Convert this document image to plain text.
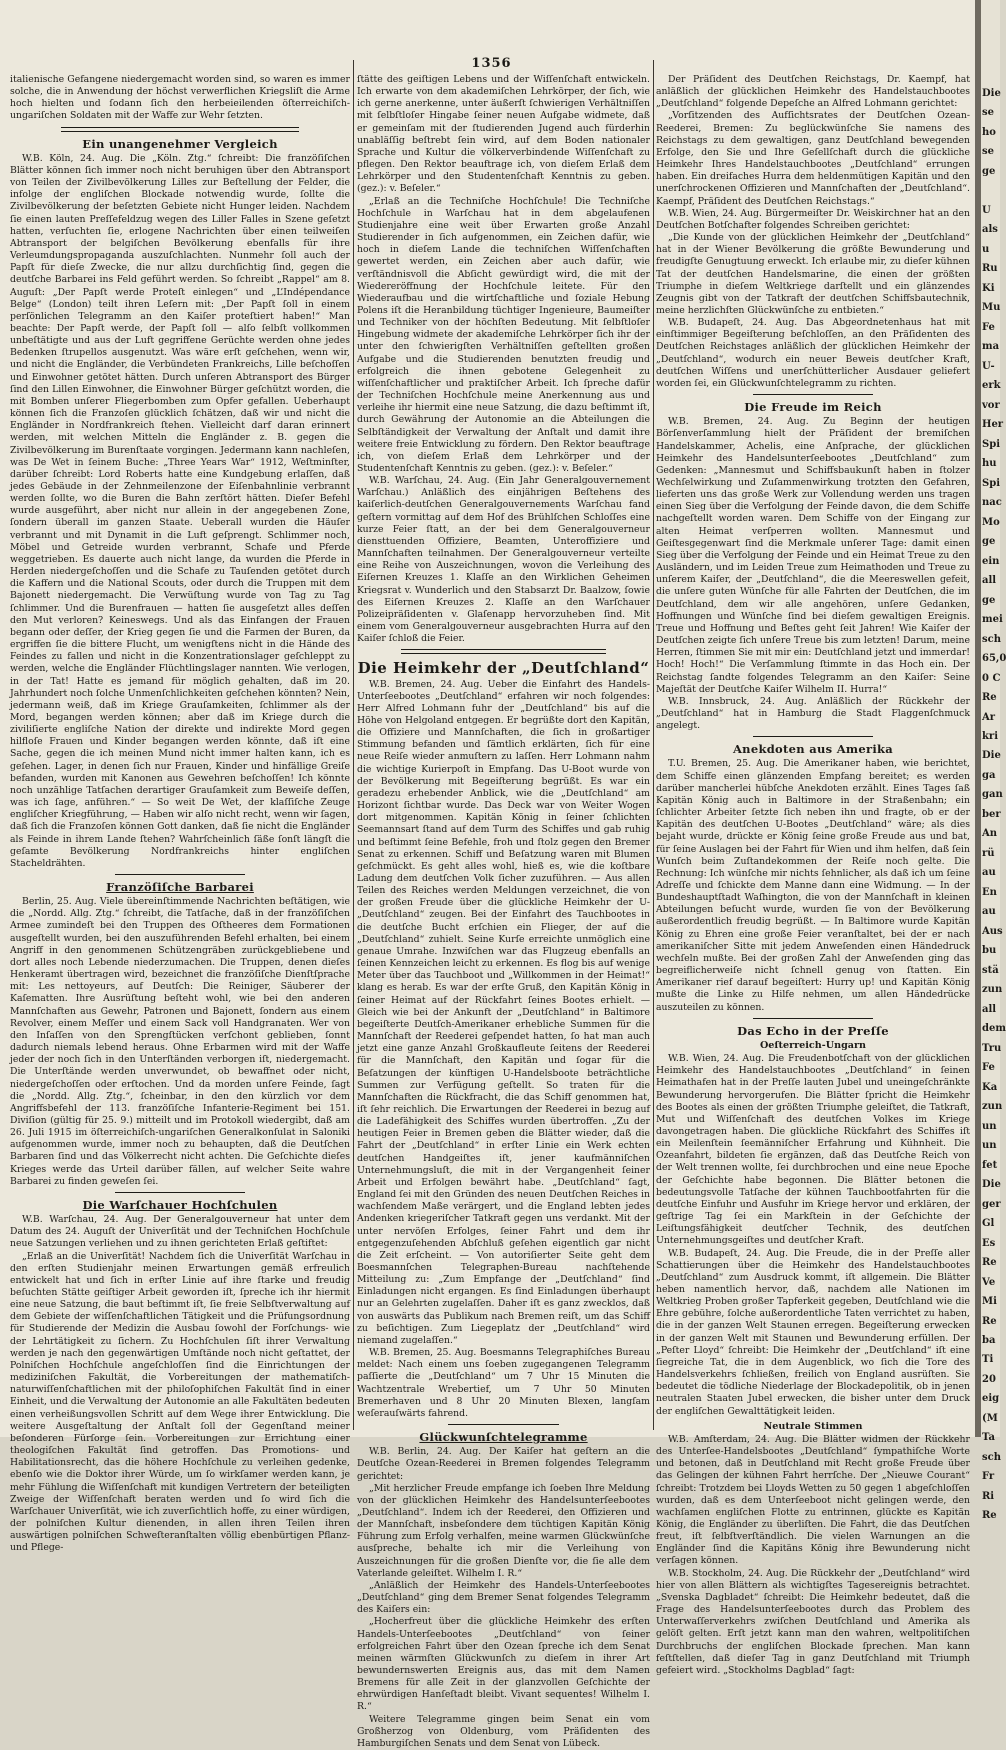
1356

italienische Gefangene niedergemacht worden sind, so waren es immer solche, die in Anwendung der höchst verwerflichen Kriegsliſt die Arme hoch hielten und ſodann ſich den herbeieilenden öſterreichiſch-ungariſchen Soldaten mit der Waffe zur Wehr ſetzten.

Ein unangenehmer Vergleich

W.B. Köln, 24. Aug. Die „Köln. Ztg.“ ſchreibt: Die franzöſiſchen Blätter können ſich immer noch nicht beruhigen über den Abtransport von Teilen der Zivilbevölkerung Lilles zur Beſtellung der Felder, die infolge der engliſchen Blockade notwendig wurde, ſollte die Zivilbevölkerung der beſetzten Gebiete nicht Hunger leiden. Nachdem ſie einen lauten Preſſefeldzug wegen des Liller Falles in Szene geſetzt hatten, verſuchten ſie, erlogene Nachrichten über einen teilweiſen Abtransport der belgiſchen Bevölkerung ebenfalls für ihre Verleumdungspropaganda auszuſchlachten. Nunmehr ſoll auch der Papſt für dieſe Zwecke, die nur allzu durchſichtig ſind, gegen die deutſche Barbarei ins Feld geführt werden. So ſchreibt „Rappel“ am 8. Auguſt: „Der Papſt werde Proteſt einlegen“ und „L’Indépendance Belge“ (London) teilt ihren Leſern mit: „Der Papſt ſoll in einem perſönlichen Telegramm an den Kaiſer proteſtiert haben!“ Man beachte: Der Papſt werde, der Papſt ſoll — alſo ſelbſt vollkommen unbeſtätigte und aus der Luft gegriffene Gerüchte werden ohne jedes Bedenken ſtrupellos ausgenutzt. Was wäre erſt geſchehen, wenn wir, und nicht die Engländer, die Verbündeten Frankreichs, Lille beſchoſſen und Einwohner getötet hätten. Durch unſeren Abtransport des Bürger ſind den Lillen Einwohner, die Einwohner Bürger geſchützt worden, die mit Bomben unſerer Fliegerbomben zum Opfer gefallen. Ueberhaupt können ſich die Franzoſen glücklich ſchätzen, daß wir und nicht die Engländer in Nordfrankreich ſtehen. Vielleicht darf daran erinnert werden, mit welchen Mitteln die Engländer z. B. gegen die Zivilbevölkerung im Burenſtaate vorgingen. Jedermann kann nachleſen, was De Wet in ſeinem Buche: „Three Years War“ 1912, Weſtminſter, darüber ſchreibt: Lord Roberts hatte eine Kundgebung erlaſſen, daß jedes Gebäude in der Zehnmeilenzone der Eiſenbahnlinie verbrannt werden ſollte, wo die Buren die Bahn zerſtört hätten. Dieſer Befehl wurde ausgeführt, aber nicht nur allein in der angegebenen Zone, ſondern überall im ganzen Staate. Ueberall wurden die Häuſer verbrannt und mit Dynamit in die Luft geſprengt. Schlimmer noch, Möbel und Getreide wurden verbrannt, Schafe und Pferde weggetrieben. Es dauerte auch nicht lange, da wurden die Pferde in Herden niedergeſchoſſen und die Schafe zu Tauſenden getötet durch die Kaffern und die National Scouts, oder durch die Truppen mit dem Bajonett niedergemacht. Die Verwüſtung wurde von Tag zu Tag ſchlimmer. Und die Burenfrauen — hatten ſie ausgeſetzt alles deſſen den Mut verloren? Keineswegs. Und als das Einfangen der Frauen begann oder deſſer, der Krieg gegen ſie und die Farmen der Buren, da ergriffen ſie die bittere Flucht, um wenigſtens nicht in die Hände des Feindes zu fallen und nicht in die Konzentrationslager geſchleppt zu werden, welche die Engländer Flüchtlingslager nannten. Wie verlogen, in der Tat! Hatte es jemand für möglich gehalten, daß im 20. Jahrhundert noch ſolche Unmenſchlichkeiten geſchehen könnten? Nein, jedermann weiß, daß im Kriege Grauſamkeiten, ſchlimmer als der Mord, begangen werden können; aber daß im Kriege durch die ziviliſierte engliſche Nation der direkte und indirekte Mord gegen hilfloſe Frauen und Kinder begangen werden könnte, daß iſt eine Sache, gegen die ich meinen Mund nicht immer halten kann, ich es geſehen. Lager, in denen ſich nur Frauen, Kinder und hinfällige Greiſe befanden, wurden mit Kanonen aus Gewehren beſchoſſen! Ich könnte noch unzählige Tatſachen derartiger Grauſamkeit zum Beweiſe deſſen, was ich ſage, anführen.“ — So weit De Wet, der klaſſiſche Zeuge engliſcher Kriegführung, — Haben wir alſo nicht recht, wenn wir ſagen, daß ſich die Franzoſen können Gott danken, daß ſie nicht die Engländer als Feinde in ihrem Lande ſtehen? Wahrſcheinlich ſäße ſonſt längſt die geſamte Bevölkerung Nordfrankreichs hinter engliſchen Stacheldrähten.

Franzöſiſche Barbarei

Berlin, 25. Aug. Viele übereinſtimmende Nachrichten beſtätigen, wie die „Nordd. Allg. Ztg.“ ſchreibt, die Tatſache, daß in der franzöſiſchen Armee zumindeſt bei den Truppen des Oſtheeres dem Formationen ausgeſtellt wurden, bei den auszuführenden Befehl erhalten, bei einem Angriff in den genommenen Schützengräben zurückgebliebene und dort alles noch Lebende niederzumachen. Die Truppen, denen dieſes Henkeramt übertragen wird, bezeichnet die franzöſiſche Dienſtſprache mit: Les nettoyeurs, auf Deutſch: Die Reiniger, Säuberer der Kaſematten. Ihre Ausrüſtung beſteht wohl, wie bei den anderen Mannſchaften aus Gewehr, Patronen und Bajonett, ſondern aus einem Revolver, einem Meſſer und einem Sack voll Handgranaten. Wer von den Inſaſſen von den Sprengſtücken verſchont geblieben, ſonnt dadurch niemals lebend heraus. Ohne Erbarmen wird mit der Waffe jeder der noch ſich in den Unterſtänden verborgen iſt, niedergemacht. Die Unterſtände werden unverwundet, ob bewaffnet oder nicht, niedergeſchoſſen oder erſtochen. Und da morden unſere Feinde, ſagt die „Nordd. Allg. Ztg.“, ſcheinbar, in den den kürzlich vor dem Angriffsbefehl der 113. franzöſiſche Infanterie-Regiment bei 151. Diviſion (gültig für 25. 9.) mitteilt und im Protokoll wiedergibt, daß am 26. Juli 1915 im öſterreichiſch-ungariſchen Generalkonſulat in Saloniki aufgenommen wurde, immer noch zu behaupten, daß die Deutſchen Barbaren ſind und das Völkerrecht nicht achten. Die Geſchichte dieſes Krieges werde das Urteil darüber fällen, auf welcher Seite wahre Barbarei zu finden geweſen ſei.

Die Warſchauer Hochſchulen

W.B. Warſchau, 24. Aug. Der Generalgouverneur hat unter dem Datum des 24. Auguſt der Univerſität und der Techniſchen Hochſchule neue Satzungen verliehen und zu ihnen gerichteten Erlaß geſtiftet:

„Erlaß an die Univerſität! Nachdem ſich die Univerſität Warſchau in den erſten Studienjahr meinen Erwartungen gemäß erfreulich entwickelt hat und ſich in erſter Linie auf ihre ſtarke und freudig beſuchten Stätte geiſtiger Arbeit geworden iſt, ſpreche ich ihr hiermit eine neue Satzung, die baut beſtimmt iſt, ſie freie Selbſtverwaltung auf dem Gebiete der wiſſenſchaftlichen Tätigkeit und die Prüfungsordnung für Studierende der Medizin die Ausbau ſowohl der Forſchungs- wie der Lehrtätigkeit zu ſichern. Zu Hochſchulen ſiſt ihrer Verwaltung werden je nach den gegenwärtigen Umſtände noch nicht geſtattet, der Polniſchen Hochſchule angeſchloſſen ſind die Einrichtungen der mediziniſchen Fakultät, die Vorbereitungen der mathematiſch-naturwiſſenſchaftlichen mit der philoſophiſchen Fakultät ſind in einer Einheit, und die Verwaltung der Autonomie an alle Fakultäten bedeuten einen verheißungsvollen Schritt auf dem Wege ihrer Entwicklung. Die weitere Ausgeſtaltung der Anſtalt ſoll der Gegenſtand meiner beſonderen Fürſorge ſein. Vorbereitungen zur Errichtung einer theologiſchen Fakultät ſind getroffen. Das Promotions- und Habilitationsrecht, das die höhere Hochſchule zu verleihen gedenke, ebenſo wie die Doktor ihrer Würde, um ſo wirkſamer werden kann, je mehr Fühlung die Wiſſenſchaft mit kundigen Vertretern der beteiligten Zweige der Wiſſenſchaft beraten werden und ſo wird ſich die Warſchauer Univerſität, wie ich zuverſichtlich hoffe, zu einer würdigen, der polniſchen Kultur dienenden, in allen ihren Teilen ihren auswärtigen polniſchen Schweſteranſtalten völlig ebenbürtigen Pflanz- und Pflege-

ſtätte des geiſtigen Lebens und der Wiſſenſchaft entwickeln. Ich erwarte von dem akademiſchen Lehrkörper, der ſich, wie ich gerne anerkenne, unter äußerſt ſchwierigen Verhältniſſen mit ſelbſtloſer Hingabe ſeiner neuen Aufgabe widmete, daß er gemeinſam mit der ſtudierenden Jugend auch fürderhin unabläſſig beſtrebt ſein wird, auf dem Boden nationaler Sprache und Kultur die völkerverbindende Wiſſenſchaft zu pflegen. Den Rektor beauftrage ich, von dieſem Erlaß dem Lehrkörper und den Studentenſchaft Kenntnis zu geben. (gez.): v. Beſeler.“

„Erlaß an die Techniſche Hochſchule! Die Techniſche Hochſchule in Warſchau hat in dem abgelaufenen Studienjahre eine weit über Erwarten große Anzahl Studierender in ſich aufgenommen, ein Zeichen dafür, wie hoch in dieſem Lande die techniſchen Wiſſenſchaften gewertet werden, ein Zeichen aber auch dafür, wie verſtändnisvoll die Abſicht gewürdigt wird, die mit der Wiedereröffnung der Hochſchule leitete. Für den Wiederaufbau und die wirtſchaftliche und ſoziale Hebung Polens iſt die Heranbildung tüchtiger Ingenieure, Baumeiſter und Techniker von der höchſten Bedeutung. Mit ſelbſtloſer Hingebung widmete der akademiſche Lehrkörper ſich ihr der unter den ſchwierigſten Verhältniſſen geſtellten großen Aufgabe und die Studierenden benutzten freudig und erfolgreich die ihnen gebotene Gelegenheit zu wiſſenſchaftlicher und praktiſcher Arbeit. Ich ſpreche dafür der Techniſchen Hochſchule meine Anerkennung aus und verleihe ihr hiermit eine neue Satzung, die dazu beſtimmt iſt, durch Gewährung der Autonomie an die Abteilungen die Selbſtändigkeit der Verwaltung der Anſtalt und damit ihre weitere freie Entwicklung zu fördern. Den Rektor beauftrage ich, von dieſem Erlaß dem Lehrkörper und der Studentenſchaft Kenntnis zu geben. (gez.): v. Beſeler.“

W.B. Warſchau, 24. Aug. (Ein Jahr Generalgouvernement Warſchau.) Anläßlich des einjährigen Beſtehens des kaiſerlich-deutſchen Generalgouvernements Warſchau fand geſtern vormittag auf dem Hof des Brühlſchen Schloſſes eine kurze Feier ſtatt, an der bei dem Generalgouverneur diensttuenden Offiziere, Beamten, Unteroffiziere und Mannſchaften teilnahmen. Der Generalgouverneur verteilte eine Reihe von Auszeichnungen, wovon die Verleihung des Eiſernen Kreuzes 1. Klaſſe an den Wirklichen Geheimen Kriegsrat v. Wunderlich und den Stabsarzt Dr. Baalzow, ſowie des Eiſernen Kreuzes 2. Klaſſe an den Warſchauer Polizeipräſidenten v. Glaſenapp hervorzuheben ſind. Mit einem vom Generalgouverneur ausgebrachten Hurra auf den Kaiſer ſchloß die Feier.

Die Heimkehr der „Deutſchland“

W.B. Bremen, 24. Aug. Ueber die Einfahrt des Handels-Unterſeebootes „Deutſchland“ erfahren wir noch folgendes: Herr Alfred Lohmann fuhr der „Deutſchland“ bis auf die Höhe von Helgoland entgegen. Er begrüßte dort den Kapitän, die Offiziere und Mannſchaften, die ſich in großartiger Stimmung befanden und ſämtlich erklärten, ſich für eine neue Reiſe wieder anmuſtern zu laſſen. Herr Lohmann nahm die wichtige Kurierpoſt in Empfang. Das U-Boot wurde von der Bevölkerung mit Begeiſterung begrüßt. Es war ein geradezu erhebender Anblick, wie die „Deutſchland“ am Horizont ſichtbar wurde. Das Deck war von Weiter Wogen dort mitgenommen. Kapitän König in ſeiner ſchlichten Seemannsart ſtand auf dem Turm des Schiffes und gab ruhig und beſtimmt ſeine Befehle, froh und ſtolz gegen den Bremer Senat zu erkennen. Schiff und Beſatzung waren mit Blumen geſchmückt. Es geht alles wohl, hieß es, wie die koſtbare Ladung dem deutſchen Volk ſicher zuzuführen. — Aus allen Teilen des Reiches werden Meldungen verzeichnet, die von der großen Freude über die glückliche Heimkehr der U-„Deutſchland“ zeugen. Bei der Einfahrt des Tauchbootes in die deutſche Bucht erſchien ein Flieger, der auf die „Deutſchland“ zuhielt. Seine Kurſe erreichte unmöglich eine genaue Umrahe. Inzwiſchen war das Flugzeug ebenfalls an ſeinen Kennzeichen leicht zu erkennen. Es flog bis auf wenige Meter über das Tauchboot und „Willkommen in der Heimat!“ klang es herab. Es war der erſte Gruß, den Kapitän König in ſeiner Heimat auf der Rückfahrt ſeines Bootes erhielt. — Gleich wie bei der Ankunft der „Deutſchland“ in Baltimore begeiſterte Deutſch-Amerikaner erhebliche Summen für die Mannſchaft der Reederei geſpendet hatten, ſo hat man auch jetzt eine ganze Anzahl Großkaufleute ſeitens der Reederei für die Mannſchaft, den Kapitän und ſogar für die Beſatzungen der künftigen U-Handelsboote beträchtliche Summen zur Verfügung geſtellt. So traten für die Mannſchaften die Rückfracht, die das Schiff genommen hat, iſt ſehr reichlich. Die Erwartungen der Reederei in bezug auf die Ladefähigkeit des Schiffes wurden übertroffen. „Zu der heutigen Feier in Bremen geben die Blätter wieder, daß die Fahrt der „Deutſchland“ in erſter Linie ein Werk echten deutſchen Handgeiſtes iſt, jener kaufmänniſchen Unternehmungsluſt, die mit in der Vergangenheit ſeiner Arbeit und Erfolgen bewährt habe. „Deutſchland“ ſagt, England ſei mit den Gründen des neuen Deutſchen Reiches in wachſendem Maße verärgert, und die England lebten jedes Andenken kriegeriſcher Tatkraft gegen uns verdankt. Mit der unter nervöſen Erfolges, ſeiner Fahrt und dem ihr entgegenzuſehenden Abſchluß geſehen eigentlich gar nicht die Zeit erſcheint. — Von autoriſierter Seite geht dem Boesmannſchen Telegraphen-Bureau nachſtehende Mitteilung zu: „Zum Empfange der „Deutſchland“ ſind Einladungen nicht ergangen. Es ſind Einladungen überhaupt nur an Gelehrten zugelaſſen. Daher iſt es ganz zwecklos, daß von auswärts das Publikum nach Bremen reiſt, um das Schiff zu beſichtigen. Zum Liegeplatz der „Deutſchland“ wird niemand zugelaſſen.“

W.B. Bremen, 25. Aug. Boesmanns Telegraphiſches Bureau meldet: Nach einem uns ſoeben zugegangenen Telegramm paſſierte die „Deutſchland“ um 7 Uhr 15 Minuten die Wachtzentrale Wrebertief, um 7 Uhr 50 Minuten Bremerhaven und 8 Uhr 20 Minuten Blexen, langſam weſerauſwärts fahrend.

Glückwunſchtelegramme

W.B. Berlin, 24. Aug. Der Kaiſer hat geſtern an die Deutſche Ozean-Reederei in Bremen folgendes Telegramm gerichtet:

„Mit herzlicher Freude empfange ich ſoeben Ihre Meldung von der glücklichen Heimkehr des Handelsunterſeebootes „Deutſchland“. Indem ich der Reederei, den Offizieren und der Mannſchaft, insbeſondere dem tüchtigen Kapitän König Führung zum Erfolg verhalfen, meine warmen Glückwünſche ausſpreche, behalte ich mir die Verleihung von Auszeichnungen für die großen Dienſte vor, die ſie alle dem Vaterlande geleiſtet. Wilhelm I. R.“

„Anläßlich der Heimkehr des Handels-Unterſeebootes „Deutſchland“ ging dem Bremer Senat folgendes Telegramm des Kaiſers ein:

„Hocherfreut über die glückliche Heimkehr des erſten Handels-Unterſeebootes „Deutſchland“ von ſeiner erfolgreichen Fahrt über den Ozean ſpreche ich dem Senat meinen wärmſten Glückwunſch zu dieſem in ihrer Art bewundernswerten Ereignis aus, das mit dem Namen Bremens für alle Zeit in der glanzvollen Geſchichte der ehrwürdigen Hanſeſtadt bleibt. Vivant sequentes! Wilhelm I. R.“

Weitere Telegramme gingen beim Senat ein vom Großherzog von Oldenburg, vom Präſidenten des Hamburgiſchen Senats und dem Senat von Lübeck.

Der Präſident des Deutſchen Reichstags, Dr. Kaempf, hat anläßlich der glücklichen Heimkehr des Handelstauchbootes „Deutſchland“ folgende Depeſche an Alfred Lohmann gerichtet:

„Vorſitzenden des Aufſichtsrates der Deutſchen Ozean-Reederei, Bremen: Zu beglückwünſche Sie namens des Reichstags zu dem gewaltigen, ganz Deutſchland bewegenden Erfolge, den Sie und Ihre Geſellſchaft durch die glückliche Heimkehr Ihres Handelstauchbootes „Deutſchland“ errungen haben. Ein dreifaches Hurra dem heldenmütigen Kapitän und den unerſchrockenen Offizieren und Mannſchaften der „Deutſchland“. Kaempf, Präſident des Deutſchen Reichstags.“

W.B. Wien, 24. Aug. Bürgermeiſter Dr. Weiskirchner hat an den Deutſchen Botſchafter folgendes Schreiben gerichtet:

„Die Kunde von der glücklichen Heimkehr der „Deutſchland“ hat in der Wiener Bevölkerung die größte Bewunderung und freudigſte Genugtuung erweckt. Ich erlaube mir, zu dieſer kühnen Tat der deutſchen Handelsmarine, die einen der größten Triumphe in dieſem Weltkriege darſtellt und ein glänzendes Zeugnis gibt von der Tatkraft der deutſchen Schiffsbautechnik, meine herzlichſten Glückwünſche zu entbieten.“

W.B. Budapeſt, 24. Aug. Das Abgeordnetenhaus hat mit einſtimmiger Begeiſterung beſchloſſen, an den Präſidenten des Deutſchen Reichstages anläßlich der glücklichen Heimkehr der „Deutſchland“, wodurch ein neuer Beweis deutſcher Kraft, deutſchen Wiſſens und unerſchütterlicher Ausdauer geliefert worden ſei, ein Glückwunſchtelegramm zu richten.

Die Freude im Reich

W.B. Bremen, 24. Aug. Zu Beginn der heutigen Börſenverſammlung hielt der Präſident der bremiſchen Handelskammer, Achelis, eine Anſprache, der glücklichen Heimkehr des Handelsunterſeebootes „Deutſchland“ zum Gedenken: „Mannesmut und Schiffsbaukunſt haben in ſtolzer Wechſelwirkung und Zuſammenwirkung trotzten den Gefahren, lieferten uns das große Werk zur Vollendung werden uns tragen einen Sieg über die Verfolgung der Feinde davon, die dem Schiffe nachgeſtellt worden waren. Dem Schiffe von der Eingang zur alten Heimat verſperren wollten. Mannesmut und Geiſtesgegenwart ſind die Merkmale unſerer Tage: damit einen Sieg über die Verfolgung der Feinde und ein Heimat Treue zu den Ausländern, und im Leiden Treue zum Heimathoden und Treue zu unſerem Kaiſer, der „Deutſchland“, die die Meereswellen gefeit, die unſere guten Wünſche für alle Fahrten der Deutſchen, die im Deutſchland, dem wir alle angehören, unſere Gedanken, Hoffnungen und Wünſche ſind bei dieſem gewaltigen Ereignis. Treue und Hoffnung und Beſtes geht ſeit Jahren! Wie Kaiſer der Deutſchen zeigte ſich unſere Treue bis zum letzten! Darum, meine Herren, ſtimmen Sie mit mir ein: Deutſchland jetzt und immerdar! Hoch! Hoch!“ Die Verſammlung ſtimmte in das Hoch ein. Der Reichstag ſandte folgendes Telegramm an den Kaiſer: Seine Majeſtät der Deutſche Kaiſer Wilhelm II. Hurra!“

W.B. Innsbruck, 24. Aug. Anläßlich der Rückkehr der „Deutſchland“ hat in Hamburg die Stadt Flaggenſchmuck angelegt.

Anekdoten aus Amerika

T.U. Bremen, 25. Aug. Die Amerikaner haben, wie berichtet, dem Schiffe einen glänzenden Empfang bereitet; es werden darüber mancherlei hübſche Anekdoten erzählt. Eines Tages ſaß Kapitän König auch in Baltimore in der Straßenbahn; ein ſchlichter Arbeiter ſetzte ſich neben ihn und fragte, ob er der Kapitän des deutſchen U-Bootes „Deutſchland“ wäre; als dies bejaht wurde, drückte er König ſeine große Freude aus und bat, für ſeine Auslagen bei der Fahrt für Wien und ihm helfen, daß ſein Wunſch beim Zuſtandekommen der Reiſe noch gelte. Die Rechnung: Ich wünſche mir nichts ſehnlicher, als daß ich um ſeine Adreſſe und ſchickte dem Manne dann eine Widmung. — In der Bundeshauptſtadt Waſhington, die von der Mannſchaft in kleinen Abteilungen beſucht wurde, wurden ſie von der Bevölkerung außerordentlich freudig begrüßt. — In Baltimore wurde Kapitän König zu Ehren eine große Feier veranſtaltet, bei der er nach amerikaniſcher Sitte mit jedem Anweſenden einen Händedruck wechſeln mußte. Bei der großen Zahl der Anweſenden ging das begreiflicherweiſe nicht ſchnell genug von ſtatten. Ein Amerikaner rief darauf begeiſtert: Hurry up! und Kapitän König mußte die Linke zu Hilfe nehmen, um allen Händedrücke auszuteilen zu können.

Das Echo in der Preſſe
Oeſterreich-Ungarn

W.B. Wien, 24. Aug. Die Freudenbotſchaft von der glücklichen Heimkehr des Handelstauchbootes „Deutſchland“ in ſeinen Heimathafen hat in der Preſſe lauten Jubel und uneingeſchränkte Bewunderung hervorgerufen. Die Blätter ſpricht die Heimkehr des Bootes als einen der größten Triumphe geleiſtet, die Tatkraft, Mut und Wiſſenſchaft des deutſchen Volkes im Kriege davongetragen haben. Die glückliche Rückfahrt des Schiffes iſt ein Meilenſtein ſeemänniſcher Erfahrung und Kühnheit. Die Ozeanfahrt, bildeten ſie ergänzen, daß das Deutſche Reich von der Welt trennen wollte, ſei durchbrochen und eine neue Epoche der Geſchichte habe begonnen. Die Blätter betonen die bedeutungsvolle Tatſache der kühnen Tauchbootfahrten für die deutſche Einfuhr und Ausfuhr im Kriege hervor und erklären, der geſtrige Tag ſei ein Markſtein in der Geſchichte der Leiſtungsfähigkeit deutſcher Technik, des deutſchen Unternehmungsgeiſtes und deutſcher Kraft.

W.B. Budapeſt, 24. Aug. Die Freude, die in der Preſſe aller Schattierungen über die Heimkehr des Handelstauchbootes „Deutſchland“ zum Ausdruck kommt, iſt allgemein. Die Blätter heben namentlich hervor, daß, nachdem alle Nationen im Weltkrieg Proben großer Tapferkeit gegeben, Deutſchland wie die Ehre gebühre, ſolche außerordentliche Taten verrichtet zu haben, die in der ganzen Welt Staunen erregen. Begeiſterung erwecken in der ganzen Welt mit Staunen und Bewunderung erfüllen. Der „Peſter Lloyd“ ſchreibt: Die Heimkehr der „Deutſchland“ iſt eine ſiegreiche Tat, die in dem Augenblick, wo ſich die Tore des Handelsverkehrs ſchließen, freilich von England ausrüſten. Sie bedeutet die tödliche Niederlage der Blockadepolitik, ob in jenen neutralen Staaten Jubel erwecken, die bisher unter dem Druck der engliſchen Gewalttätigkeit leiden.

Neutrale Stimmen

W.B. Amſterdam, 24. Aug. Die Blätter widmen der Rückkehr des Unterſee-Handelsbootes „Deutſchland“ ſympathiſche Worte und betonen, daß in Deutſchland mit Recht große Freude über das Gelingen der kühnen Fahrt herrſche. Der „Nieuwe Courant“ ſchreibt: Trotzdem bei Lloyds Wetten zu 50 gegen 1 abgeſchloſſen wurden, daß es dem Unterſeeboot nicht gelingen werde, den wachſamen engliſchen Flotte zu entrinnen, glückte es Kapitän König, die Engländer zu überliſten. Die Fahrt, die das Deutſchen freut, iſt ſelbſtverſtändlich. Die vielen Warnungen an die Engländer ſind die Kapitäns König ihre Bewunderung nicht verſagen können.

W.B. Stockholm, 24. Aug. Die Rückkehr der „Deutſchland“ wird hier von allen Blättern als wichtigſtes Tagesereignis betrachtet. „Svenska Dagbladet“ ſchreibt: Die Heimkehr bedeutet, daß die Frage des Handelsunterſeebootes durch das Problem des Unterwaſſerverkehrs zwiſchen Deutſchland und Amerika als gelöſt gelten. Erſt jetzt kann man den wahren, weltpolitiſchen Durchbruchs der engliſchen Blockade ſprechen. Man kann feſtſtellen, daß dieſer Tag in ganz Deutſchland mit Triumph gefeiert wird. „Stockholms Dagblad“ ſagt:

Die
se
ho
se
ge

U
als
u
Ru
Ki
Mu
Fe
ma
U-
erk
vor
Her
Spi
hu
Spi
nac
Mo
ge
ein
all
ge
mei
sch
65,0
0 C
Re
Ar
kri
Die
ga
gan
ber
An
rü
au
En
au
Aus
bu
stä
zun
all
dem
Tru
Fe
Ka
zun
un
un
fet
Die
ger
Gl
Es
Re
Ve
Mi
Re
ba
Ti
20
eig
(M
Ta
sch
Fr
Ri
Re
